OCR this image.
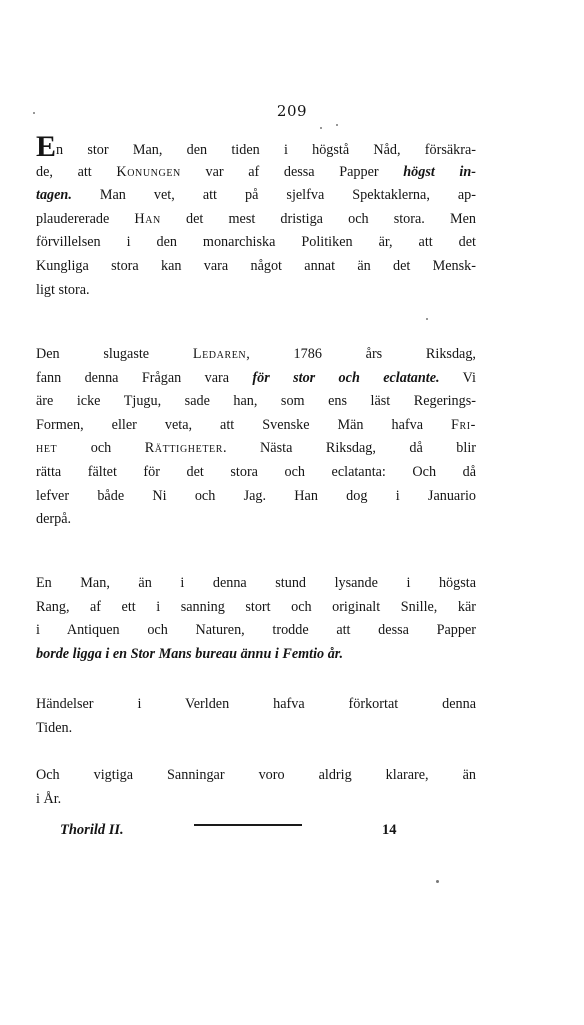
209
En stor Man, den tiden i högstå Nåd, försäkra-
de, att Konungen var af dessa Papper högst in-
tagen. Man vet, att på sjelfva Spektaklerna, ap-
plaudererade Han det mest dristiga och stora. Men
förvillelsen i den monarchiska Politiken är, att det
Kungliga stora kan vara något annat än det Mensk-
ligt stora.
Den slugaste Ledaren, 1786 års Riksdag,
fann denna Frågan vara för stor och eclatante. Vi
äre icke Tjugu, sade han, som ens läst Regerings-
Formen, eller veta, att Svenske Män hafva Fri-
het och Rättigheter. Nästa Riksdag, då blir
rätta fältet för det stora och eclatanta: Och då
lefver både Ni och Jag. Han dog i Januario
derpå.
En Man, än i denna stund lysande i högsta
Rang, af ett i sanning stort och originalt Snille, kär
i Antiquen och Naturen, trodde att dessa Papper
borde ligga i en Stor Mans bureau ännu i Femtio år.
Händelser i Verlden hafva förkortat denna
Tiden.
Och vigtiga Sanningar voro aldrig klarare, än
i År.
Thorild II.	14
